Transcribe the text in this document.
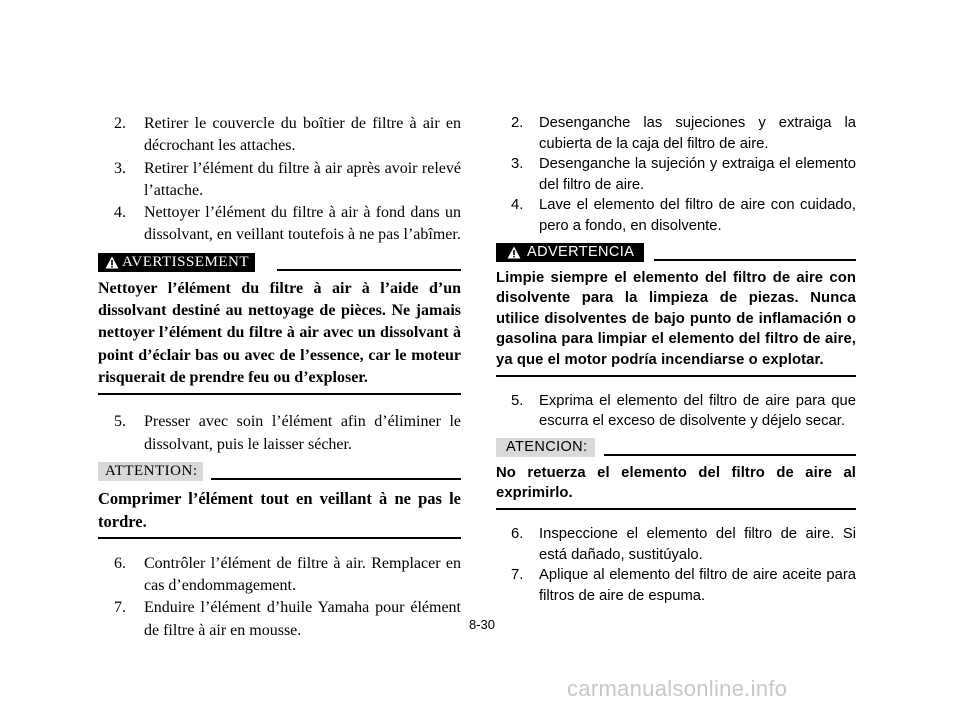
2. Retirer le couvercle du boîtier de filtre à air en décrochant les attaches.
3. Retirer l’élément du filtre à air après avoir relevé l’attache.
4. Nettoyer l’élément du filtre à air à fond dans un dissolvant, en veillant toutefois à ne pas l’abîmer.
AVERTISSEMENT
Nettoyer l’élément du filtre à air à l’aide d’un dissolvant destiné au nettoyage de pièces. Ne jamais nettoyer l’élément du filtre à air avec un dissolvant à point d’éclair bas ou avec de l’essence, car le moteur risquerait de prendre feu ou d’exploser.
5. Presser avec soin l’élément afin d’éliminer le dissolvant, puis le laisser sécher.
ATTENTION:
Comprimer l’élément tout en veillant à ne pas le tordre.
6. Contrôler l’élément de filtre à air. Remplacer en cas d’endommagement.
7. Enduire l’élément d’huile Yamaha pour élément de filtre à air en mousse.
2. Desenganche las sujeciones y extraiga la cubierta de la caja del filtro de aire.
3. Desenganche la sujeción y extraiga el elemento del filtro de aire.
4. Lave el elemento del filtro de aire con cuidado, pero a fondo, en disolvente.
ADVERTENCIA
Limpie siempre el elemento del filtro de aire con disolvente para la limpieza de piezas. Nunca utilice disolventes de bajo punto de inflamación o gasolina para limpiar el elemento del filtro de aire, ya que el motor podría incendiarse o explotar.
5. Exprima el elemento del filtro de aire para que escurra el exceso de disolvente y déjelo secar.
ATENCION:
No retuerza el elemento del filtro de aire al exprimirlo.
6. Inspeccione el elemento del filtro de aire. Si está dañado, sustitúyalo.
7. Aplique al elemento del filtro de aire aceite para filtros de aire de espuma.
8-30
carmanualsonline.info
